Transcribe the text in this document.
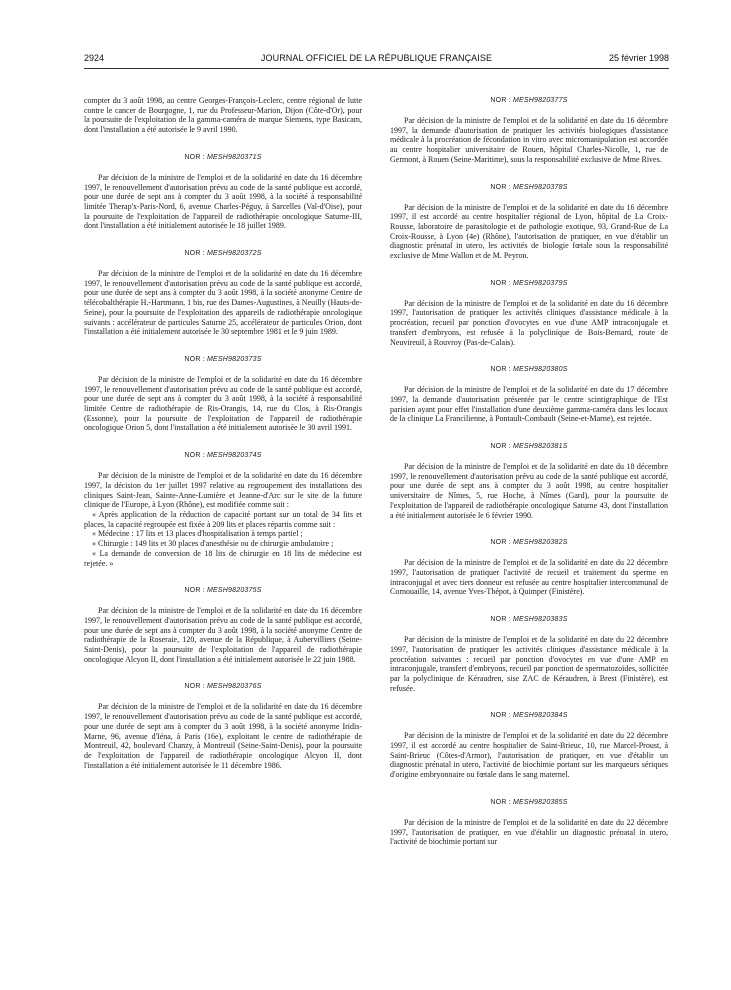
2924	JOURNAL OFFICIEL DE LA RÉPUBLIQUE FRANÇAISE	25 février 1998

compter du 3 août 1998, au centre Georges-François-Leclerc, centre régional de lutte contre le cancer de Bourgogne, 1, rue du Professeur-Marion, Dijon (Côte-d'Or), pour la poursuite de l'exploitation de la gamma-caméra de marque Siemens, type Basicam, dont l'installation a été autorisée le 9 avril 1990.

NOR : MESH9820371S

Par décision de la ministre de l'emploi et de la solidarité en date du 16 décembre 1997, le renouvellement d'autorisation prévu au code de la santé publique est accordé, pour une durée de sept ans à compter du 3 août 1998, à la société à responsabilité limitée Therap'x-Paris-Nord, 6, avenue Charles-Péguy, à Sarcelles (Val-d'Oise), pour la poursuite de l'exploitation de l'appareil de radiothérapie oncologique Saturne-III, dont l'installation a été initialement autorisée le 18 juillet 1989.

NOR : MESH9820372S

Par décision de la ministre de l'emploi et de la solidarité en date du 16 décembre 1997, le renouvellement d'autorisation prévu au code de la santé publique est accordé, pour une durée de sept ans à compter du 3 août 1998, à la société anonyme Centre de télécobalthérapie H.-Hartmann, 1 bis, rue des Dames-Augustines, à Neuilly (Hauts-de-Seine), pour la poursuite de l'exploitation des appareils de radiothérapie oncologique suivants : accélérateur de particules Saturne 25, accélérateur de particules Orion, dont l'installation a été initialement autorisée le 30 septembre 1981 et le 9 juin 1989.

NOR : MESH9820373S

Par décision de la ministre de l'emploi et de la solidarité en date du 16 décembre 1997, le renouvellement d'autorisation prévu au code de la santé publique est accordé, pour une durée de sept ans à compter du 3 août 1998, à la société à responsabilité limitée Centre de radiothérapie de Ris-Orangis, 14, rue du Clos, à Ris-Orangis (Essonne), pour la poursuite de l'exploitation de l'appareil de radiothérapie oncologique Orion 5, dont l'installation a été initialement autorisée le 30 avril 1991.

NOR : MESH9820374S

Par décision de la ministre de l'emploi et de la solidarité en date du 16 décembre 1997, la décision du 1er juillet 1997 relative au regroupement des installations des cliniques Saint-Jean, Sainte-Anne-Lumière et Jeanne-d'Arc sur le site de la future clinique de l'Europe, à Lyon (Rhône), est modifiée comme suit :

« Après application de la réduction de capacité portant sur un total de 34 lits et places, la capacité regroupée est fixée à 209 lits et places répartis comme suit :

« Médecine : 17 lits et 13 places d'hospitalisation à temps partiel ;

« Chirurgie : 149 lits et 30 places d'anesthésie ou de chirurgie ambulatoire ;

« La demande de conversion de 18 lits de chirurgie en 18 lits de médecine est rejetée. »

NOR : MESH9820375S

Par décision de la ministre de l'emploi et de la solidarité en date du 16 décembre 1997, le renouvellement d'autorisation prévu au code de la santé publique est accordé, pour une durée de sept ans à compter du 3 août 1998, à la société anonyme Centre de radiothérapie de la Roseraie, 120, avenue de la République, à Aubervilliers (Seine-Saint-Denis), pour la poursuite de l'exploitation de l'appareil de radiothérapie oncologique Alcyon II, dont l'installation a été initialement autorisée le 22 juin 1988.

NOR : MESH9820376S

Par décision de la ministre de l'emploi et de la solidarité en date du 16 décembre 1997, le renouvellement d'autorisation prévu au code de la santé publique est accordé, pour une durée de sept ans à compter du 3 août 1998, à la société anonyme Iridis-Marne, 96, avenue d'Iéna, à Paris (16e), exploitant le centre de radiothérapie de Montreuil, 42, boulevard Chanzy, à Montreuil (Seine-Saint-Denis), pour la poursuite de l'exploitation de l'appareil de radiothérapie oncologique Alcyon II, dont l'installation a été initialement autorisée le 11 décembre 1986.

NOR : MESH9820377S

Par décision de la ministre de l'emploi et de la solidarité en date du 16 décembre 1997, la demande d'autorisation de pratiquer les activités biologiques d'assistance médicale à la procréation de fécondation in vitro avec micromanipulation est accordée au centre hospitalier universitaire de Rouen, hôpital Charles-Nicolle, 1, rue de Germont, à Rouen (Seine-Maritime), sous la responsabilité exclusive de Mme Rives.

NOR : MESH9820378S

Par décision de la ministre de l'emploi et de la solidarité en date du 16 décembre 1997, il est accordé au centre hospitalier régional de Lyon, hôpital de La Croix-Rousse, laboratoire de parasitologie et de pathologie exotique, 93, Grand-Rue de La Croix-Rousse, à Lyon (4e) (Rhône), l'autorisation de pratiquer, en vue d'établir un diagnostic prénatal in utero, les activités de biologie fœtale sous la responsabilité exclusive de Mme Wallon et de M. Peyron.

NOR : MESH9820379S

Par décision de la ministre de l'emploi et de la solidarité en date du 16 décembre 1997, l'autorisation de pratiquer les activités cliniques d'assistance médicale à la procréation, recueil par ponction d'ovocytes en vue d'une AMP intraconjugale et transfert d'embryons, est refusée à la polyclinique de Bois-Bernard, route de Neuvireuil, à Rouvroy (Pas-de-Calais).

NOR : MESH9820380S

Par décision de la ministre de l'emploi et de la solidarité en date du 17 décembre 1997, la demande d'autorisation présentée par le centre scintigraphique de l'Est parisien ayant pour effet l'installation d'une deuxième gamma-caméra dans les locaux de la clinique La Francilienne, à Pontault-Combault (Seine-et-Marne), est rejetée.

NOR : MESH9820381S

Par décision de la ministre de l'emploi et de la solidarité en date du 18 décembre 1997, le renouvellement d'autorisation prévu au code de la santé publique est accordé, pour une durée de sept ans à compter du 3 août 1998, au centre hospitalier universitaire de Nîmes, 5, rue Hoche, à Nîmes (Gard), pour la poursuite de l'exploitation de l'appareil de radiothérapie oncologique Saturne 43, dont l'installation a été initialement autorisée le 6 février 1990.

NOR : MESH9820382S

Par décision de la ministre de l'emploi et de la solidarité en date du 22 décembre 1997, l'autorisation de pratiquer l'activité de recueil et traitement du sperme en intraconjugal et avec tiers donneur est refusée au centre hospitalier intercommunal de Cornouaille, 14, avenue Yves-Thépot, à Quimper (Finistère).

NOR : MESH9820383S

Par décision de la ministre de l'emploi et de la solidarité en date du 22 décembre 1997, l'autorisation de pratiquer les activités cliniques d'assistance médicale à la procréation suivantes : recueil par ponction d'ovocytes en vue d'une AMP en intraconjugale, transfert d'embryons, recueil par ponction de spermatozoïdes, sollicitée par la polyclinique de Kéraudren, sise ZAC de Kéraudren, à Brest (Finistère), est refusée.

NOR : MESH9820384S

Par décision de la ministre de l'emploi et de la solidarité en date du 22 décembre 1997, il est accordé au centre hospitalier de Saint-Brieuc, 10, rue Marcel-Proust, à Saint-Brieuc (Côtes-d'Armor), l'autorisation de pratiquer, en vue d'établir un diagnostic prénatal in utero, l'activité de biochimie portant sur les marqueurs sériques d'origine embryonnaire ou fœtale dans le sang maternel.

NOR : MESH9820385S

Par décision de la ministre de l'emploi et de la solidarité en date du 22 décembre 1997, l'autorisation de pratiquer, en vue d'établir un diagnostic prénatal in utero, l'activité de biochimie portant sur
